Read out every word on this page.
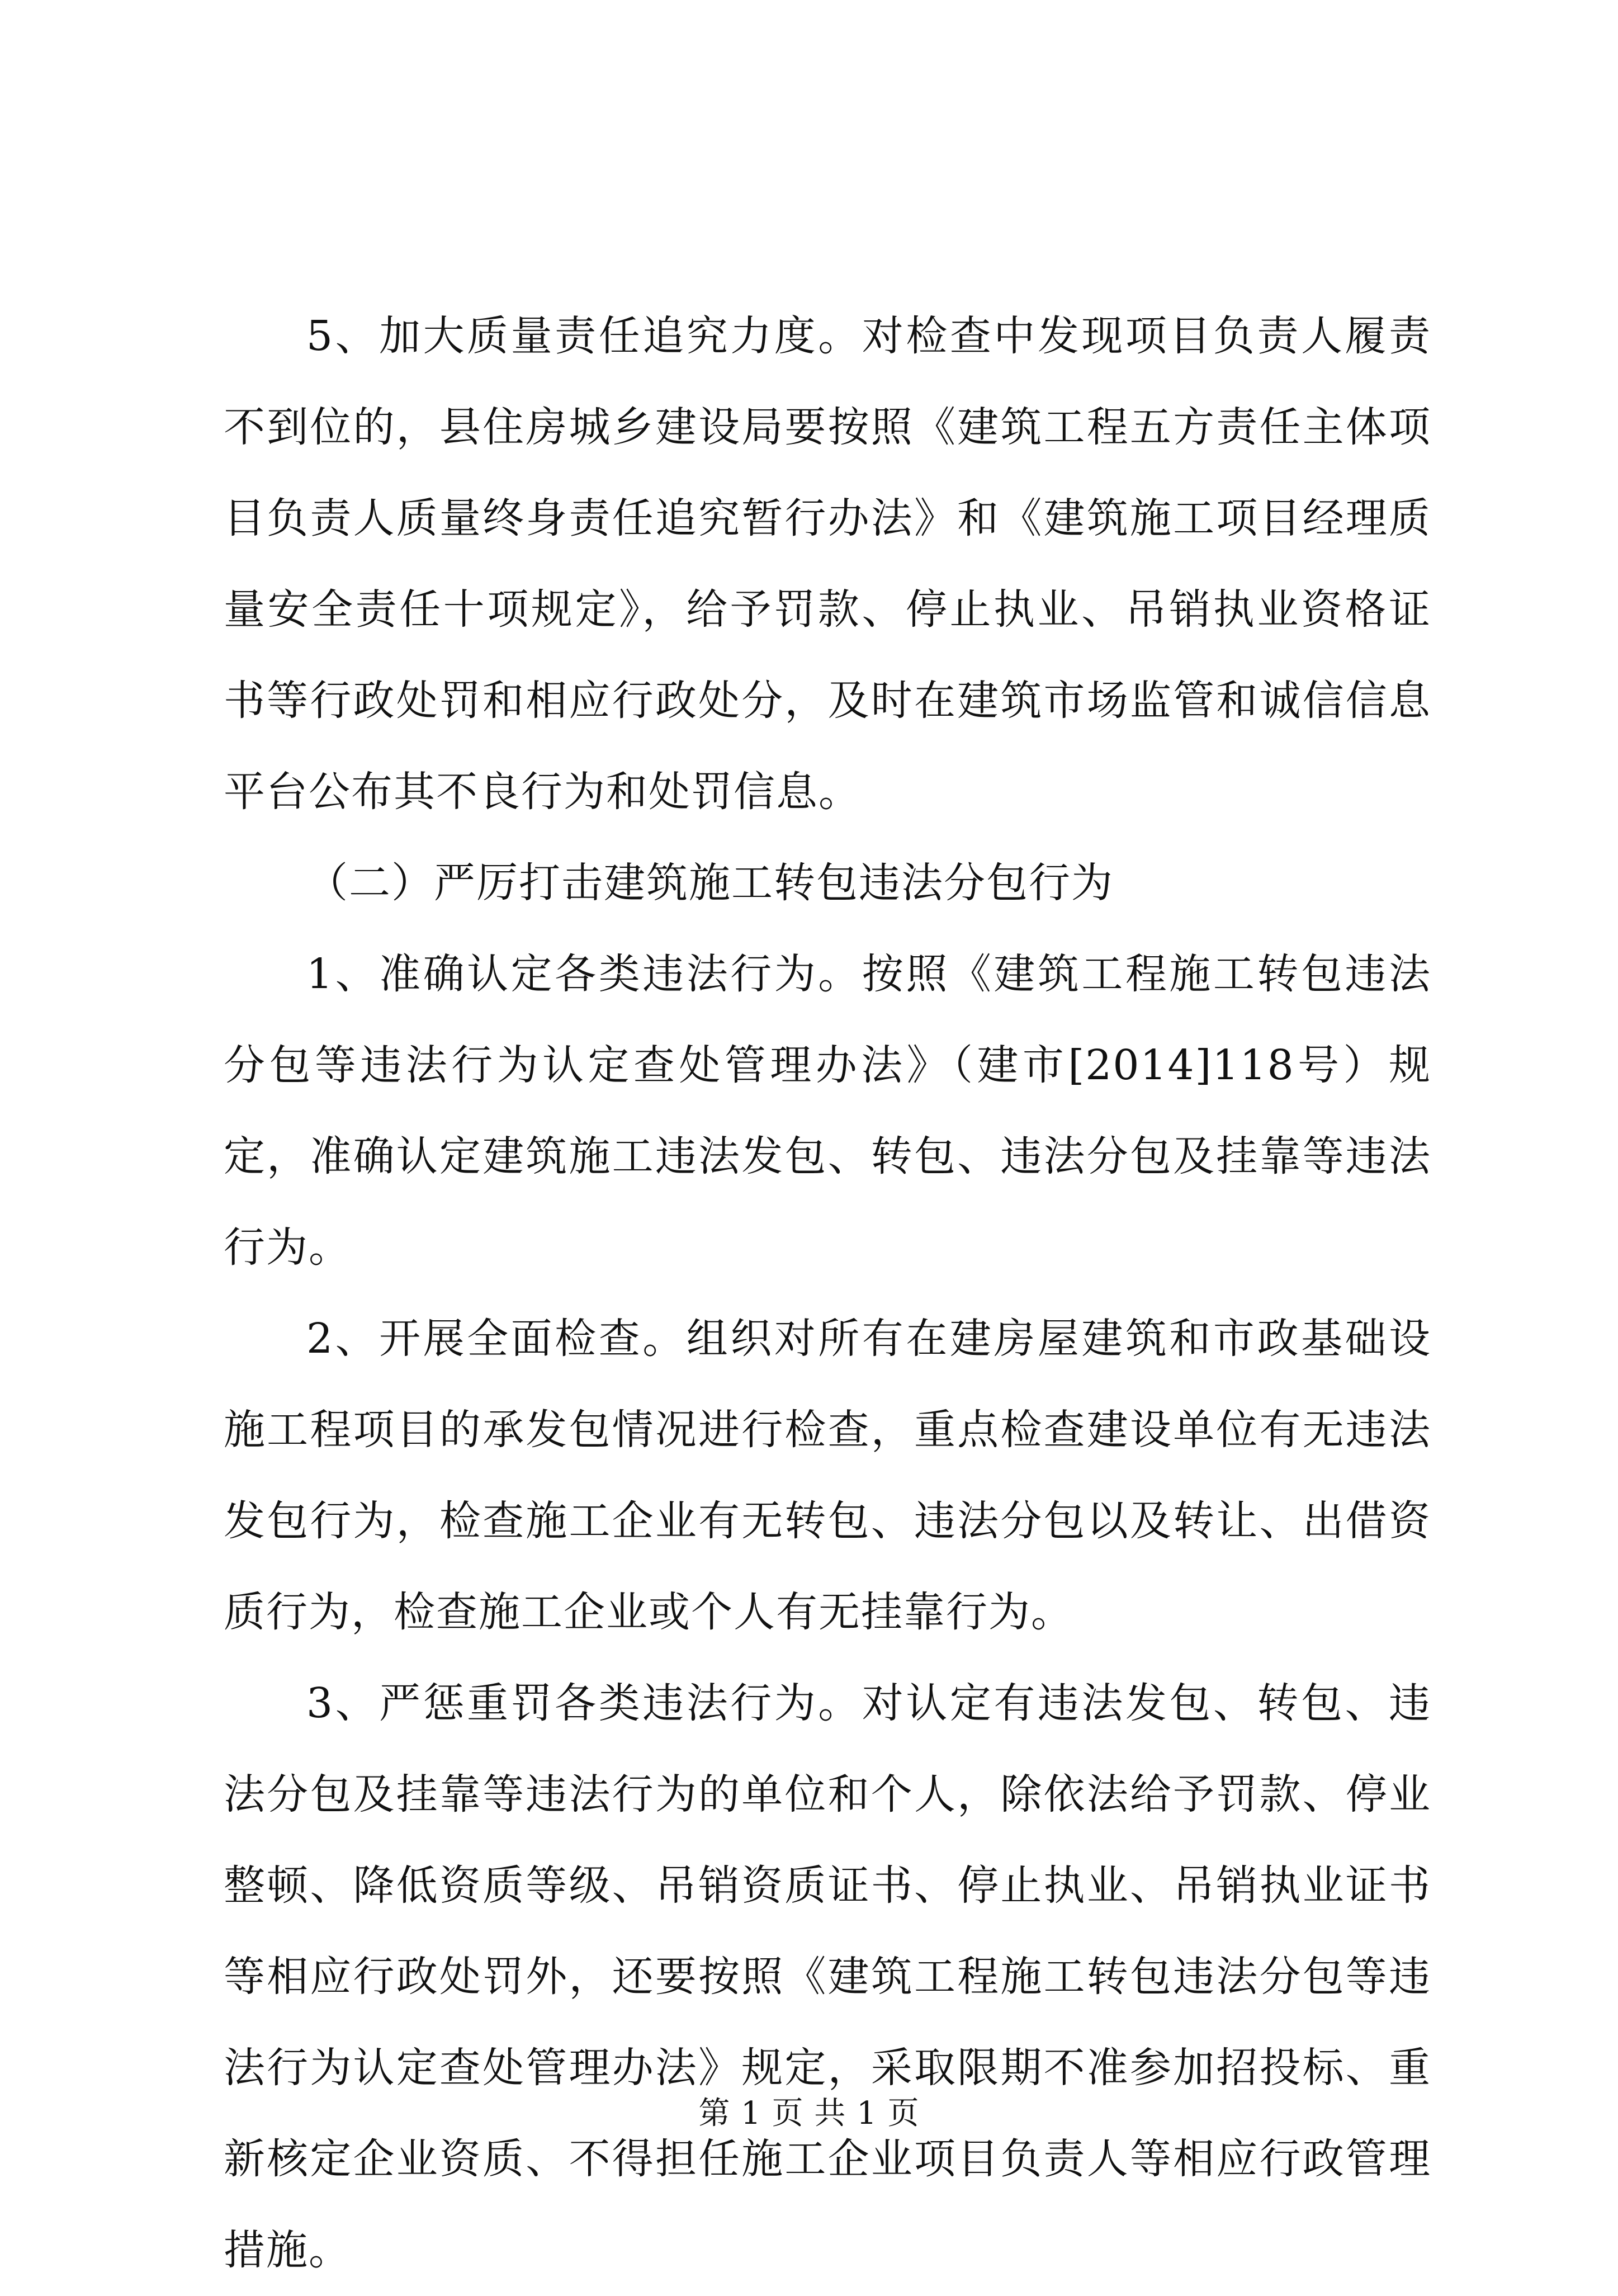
5、加大质量责任追究力度。对检查中发现项目负责人履责不到位的，县住房城乡建设局要按照《建筑工程五方责任主体项目负责人质量终身责任追究暂行办法》和《建筑施工项目经理质量安全责任十项规定》，给予罚款、停止执业、吊销执业资格证书等行政处罚和相应行政处分，及时在建筑市场监管和诚信信息平台公布其不良行为和处罚信息。

（二）严厉打击建筑施工转包违法分包行为

1、准确认定各类违法行为。按照《建筑工程施工转包违法分包等违法行为认定查处管理办法》（建市[2014]118号）规定，准确认定建筑施工违法发包、转包、违法分包及挂靠等违法行为。

2、开展全面检查。组织对所有在建房屋建筑和市政基础设施工程项目的承发包情况进行检查，重点检查建设单位有无违法发包行为，检查施工企业有无转包、违法分包以及转让、出借资质行为，检查施工企业或个人有无挂靠行为。

3、严惩重罚各类违法行为。对认定有违法发包、转包、违法分包及挂靠等违法行为的单位和个人，除依法给予罚款、停业整顿、降低资质等级、吊销资质证书、停止执业、吊销执业证书等相应行政处罚外，还要按照《建筑工程施工转包违法分包等违法行为认定查处管理办法》规定，采取限期不准参加招投标、重新核定企业资质、不得担任施工企业项目负责人等相应行政管理措施。

第 1 页 共 1 页
